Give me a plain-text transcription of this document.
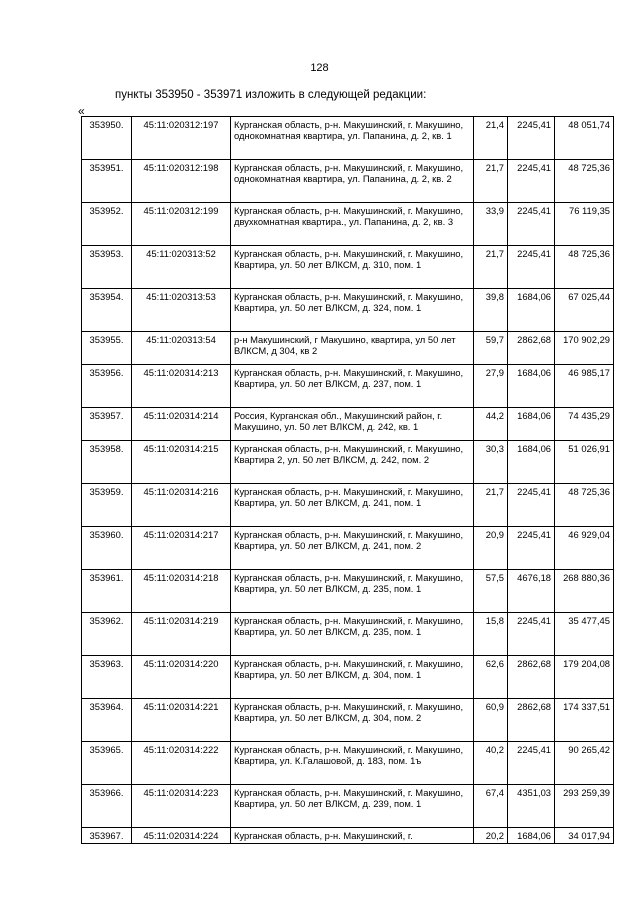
128
пункты 353950 - 353971 изложить в следующей редакции:
«
353950.	45:11:020312:197	Курганская область, р-н. Макушинский, г. Макушино, однокомнатная квартира, ул. Папанина, д. 2, кв. 1	21,4	2245,41	48 051,74
353951.	45:11:020312:198	Курганская область, р-н. Макушинский, г. Макушино, однокомнатная квартира, ул. Папанина, д. 2, кв. 2	21,7	2245,41	48 725,36
353952.	45:11:020312:199	Курганская область, р-н. Макушинский, г. Макушино, двухкомнатная квартира., ул. Папанина, д. 2, кв. 3	33,9	2245,41	76 119,35
353953.	45:11:020313:52	Курганская область, р-н. Макушинский, г. Макушино, Квартира, ул. 50 лет ВЛКСМ, д. 310, пом. 1	21,7	2245,41	48 725,36
353954.	45:11:020313:53	Курганская область, р-н. Макушинский, г. Макушино, Квартира, ул. 50 лет ВЛКСМ, д. 324, пом. 1	39,8	1684,06	67 025,44
353955.	45:11:020313:54	р-н Макушинский, г Макушино, квартира, ул 50 лет ВЛКСМ, д 304, кв 2	59,7	2862,68	170 902,29
353956.	45:11:020314:213	Курганская область, р-н. Макушинский, г. Макушино, Квартира, ул. 50 лет ВЛКСМ, д. 237, пом. 1	27,9	1684,06	46 985,17
353957.	45:11:020314:214	Россия, Курганская обл., Макушинский район, г. Макушино, ул. 50 лет ВЛКСМ, д. 242, кв. 1	44,2	1684,06	74 435,29
353958.	45:11:020314:215	Курганская область, р-н. Макушинский, г. Макушино, Квартира 2, ул. 50 лет ВЛКСМ, д. 242, пом. 2	30,3	1684,06	51 026,91
353959.	45:11:020314:216	Курганская область, р-н. Макушинский, г. Макушино, Квартира, ул. 50 лет ВЛКСМ, д. 241, пом. 1	21,7	2245,41	48 725,36
353960.	45:11:020314:217	Курганская область, р-н. Макушинский, г. Макушино, Квартира, ул. 50 лет ВЛКСМ, д. 241, пом. 2	20,9	2245,41	46 929,04
353961.	45:11:020314:218	Курганская область, р-н. Макушинский, г. Макушино, Квартира, ул. 50 лет ВЛКСМ, д. 235, пом. 1	57,5	4676,18	268 880,36
353962.	45:11:020314:219	Курганская область, р-н. Макушинский, г. Макушино, Квартира, ул. 50 лет ВЛКСМ, д. 235, пом. 1	15,8	2245,41	35 477,45
353963.	45:11:020314:220	Курганская область, р-н. Макушинский, г. Макушино, Квартира, ул. 50 лет ВЛКСМ, д. 304, пом. 1	62,6	2862,68	179 204,08
353964.	45:11:020314:221	Курганская область, р-н. Макушинский, г. Макушино, Квартира, ул. 50 лет ВЛКСМ, д. 304, пом. 2	60,9	2862,68	174 337,51
353965.	45:11:020314:222	Курганская область, р-н. Макушинский, г. Макушино, Квартира, ул. К.Галашовой, д. 183, пом. 1ъ	40,2	2245,41	90 265,42
353966.	45:11:020314:223	Курганская область, р-н. Макушинский, г. Макушино, Квартира, ул. 50 лет ВЛКСМ, д. 239, пом. 1	67,4	4351,03	293 259,39
353967.	45:11:020314:224	Курганская область, р-н. Макушинский, г.	20,2	1684,06	34 017,94
